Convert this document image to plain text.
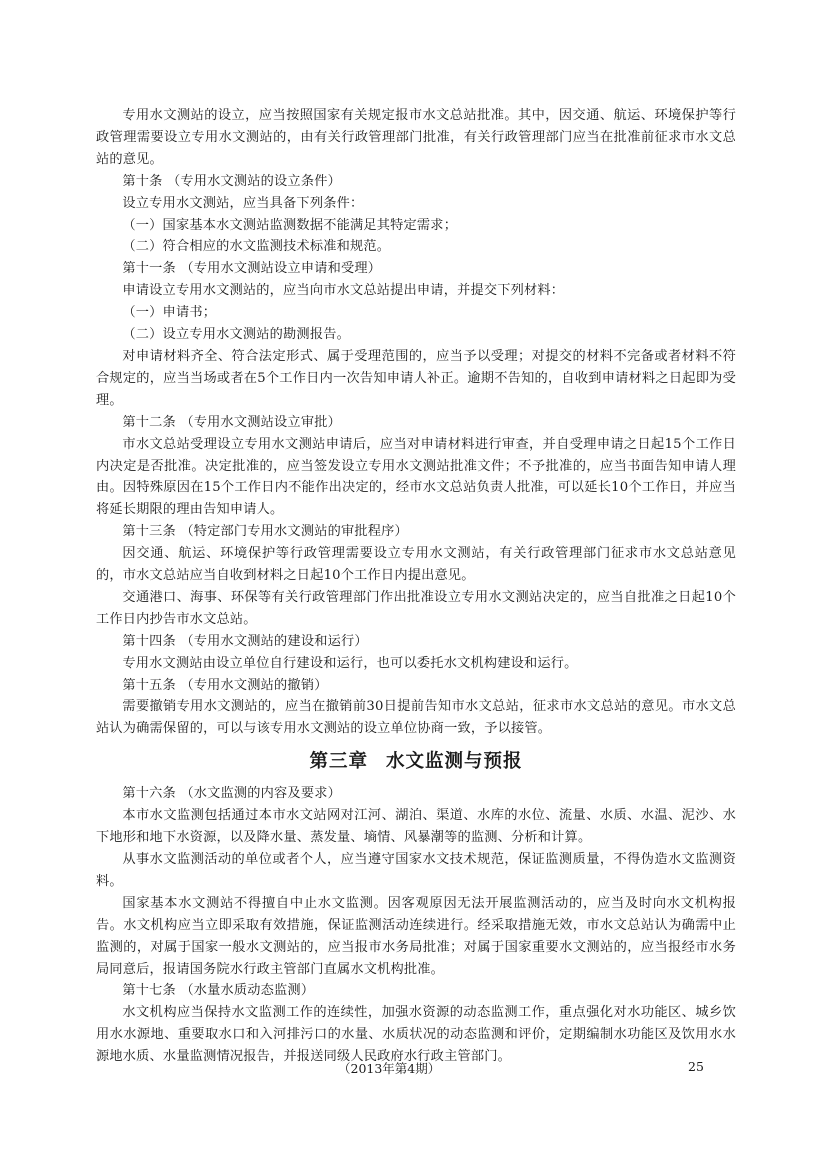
专用水文测站的设立，应当按照国家有关规定报市水文总站批准。其中，因交通、航运、环境保护等行政管理需要设立专用水文测站的，由有关行政管理部门批准，有关行政管理部门应当在批准前征求市水文总站的意见。

第十条 （专用水文测站的设立条件）

设立专用水文测站，应当具备下列条件：

（一）国家基本水文测站监测数据不能满足其特定需求；

（二）符合相应的水文监测技术标准和规范。

第十一条 （专用水文测站设立申请和受理）

申请设立专用水文测站的，应当向市水文总站提出申请，并提交下列材料：

（一）申请书；

（二）设立专用水文测站的勘测报告。

对申请材料齐全、符合法定形式、属于受理范围的，应当予以受理；对提交的材料不完备或者材料不符合规定的，应当当场或者在5个工作日内一次告知申请人补正。逾期不告知的，自收到申请材料之日起即为受理。

第十二条 （专用水文测站设立审批）

市水文总站受理设立专用水文测站申请后，应当对申请材料进行审查，并自受理申请之日起15个工作日内决定是否批准。决定批准的，应当签发设立专用水文测站批准文件；不予批准的，应当书面告知申请人理由。因特殊原因在15个工作日内不能作出决定的，经市水文总站负责人批准，可以延长10个工作日，并应当将延长期限的理由告知申请人。

第十三条 （特定部门专用水文测站的审批程序）

因交通、航运、环境保护等行政管理需要设立专用水文测站，有关行政管理部门征求市水文总站意见的，市水文总站应当自收到材料之日起10个工作日内提出意见。

交通港口、海事、环保等有关行政管理部门作出批准设立专用水文测站决定的，应当自批准之日起10个工作日内抄告市水文总站。

第十四条 （专用水文测站的建设和运行）

专用水文测站由设立单位自行建设和运行，也可以委托水文机构建设和运行。

第十五条 （专用水文测站的撤销）

需要撤销专用水文测站的，应当在撤销前30日提前告知市水文总站，征求市水文总站的意见。市水文总站认为确需保留的，可以与该专用水文测站的设立单位协商一致，予以接管。

第三章 水文监测与预报

第十六条 （水文监测的内容及要求）

本市水文监测包括通过本市水文站网对江河、湖泊、渠道、水库的水位、流量、水质、水温、泥沙、水下地形和地下水资源，以及降水量、蒸发量、墒情、风暴潮等的监测、分析和计算。

从事水文监测活动的单位或者个人，应当遵守国家水文技术规范，保证监测质量，不得伪造水文监测资料。

国家基本水文测站不得擅自中止水文监测。因客观原因无法开展监测活动的，应当及时向水文机构报告。水文机构应当立即采取有效措施，保证监测活动连续进行。经采取措施无效，市水文总站认为确需中止监测的，对属于国家一般水文测站的，应当报市水务局批准；对属于国家重要水文测站的，应当报经市水务局同意后，报请国务院水行政主管部门直属水文机构批准。

第十七条 （水量水质动态监测）

水文机构应当保持水文监测工作的连续性，加强水资源的动态监测工作，重点强化对水功能区、城乡饮用水水源地、重要取水口和入河排污口的水量、水质状况的动态监测和评价，定期编制水功能区及饮用水水源地水质、水量监测情况报告，并报送同级人民政府水行政主管部门。

（2013年第4期）	25
